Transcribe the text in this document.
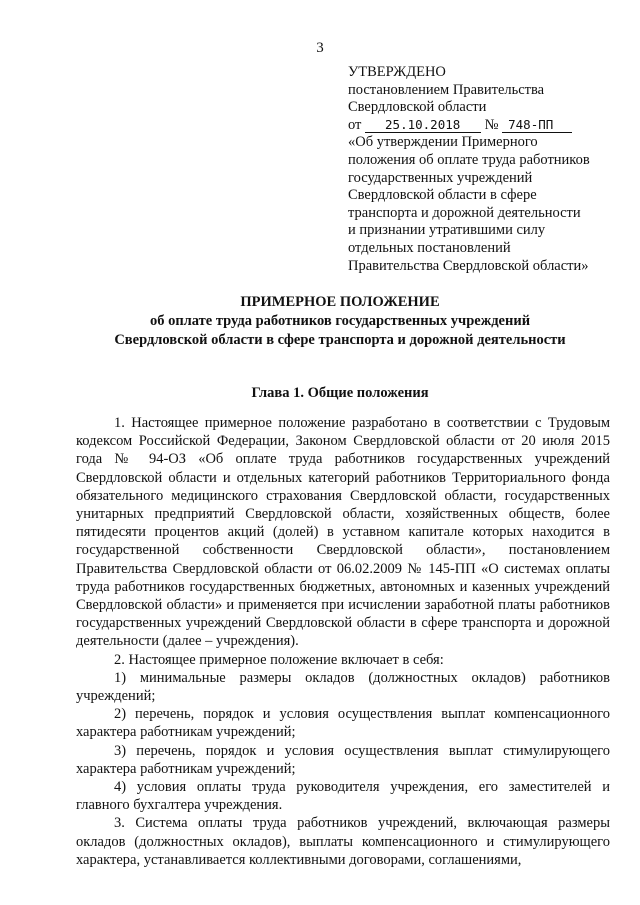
3
УТВЕРЖДЕНО
постановлением Правительства
Свердловской области
от 25.10.2018 № 748-ПП
«Об утверждении Примерного
положения об оплате труда работников
государственных учреждений
Свердловской области в сфере
транспорта и дорожной деятельности
и признании утратившими силу
отдельных постановлений
Правительства Свердловской области»
ПРИМЕРНОЕ ПОЛОЖЕНИЕ
об оплате труда работников государственных учреждений
Свердловской области в сфере транспорта и дорожной деятельности
Глава 1. Общие положения

1. Настоящее примерное положение разработано в соответствии с Трудовым кодексом Российской Федерации, Законом Свердловской области от 20 июля 2015 года № 94-ОЗ «Об оплате труда работников государственных учреждений Свердловской области и отдельных категорий работников Территориального фонда обязательного медицинского страхования Свердловской области, государственных унитарных предприятий Свердловской области, хозяйственных обществ, более пятидесяти процентов акций (долей) в уставном капитале которых находится в государственной собственности Свердловской области», постановлением Правительства Свердловской области от 06.02.2009 № 145-ПП «О системах оплаты труда работников государственных бюджетных, автономных и казенных учреждений Свердловской области» и применяется при исчислении заработной платы работников государственных учреждений Свердловской области в сфере транспорта и дорожной деятельности (далее – учреждения).

2. Настоящее примерное положение включает в себя:

1) минимальные размеры окладов (должностных окладов) работников учреждений;

2) перечень, порядок и условия осуществления выплат компенсационного характера работникам учреждений;

3) перечень, порядок и условия осуществления выплат стимулирующего характера работникам учреждений;

4) условия оплаты труда руководителя учреждения, его заместителей и главного бухгалтера учреждения.

3. Система оплаты труда работников учреждений, включающая размеры окладов (должностных окладов), выплаты компенсационного и стимулирующего характера, устанавливается коллективными договорами, соглашениями,
